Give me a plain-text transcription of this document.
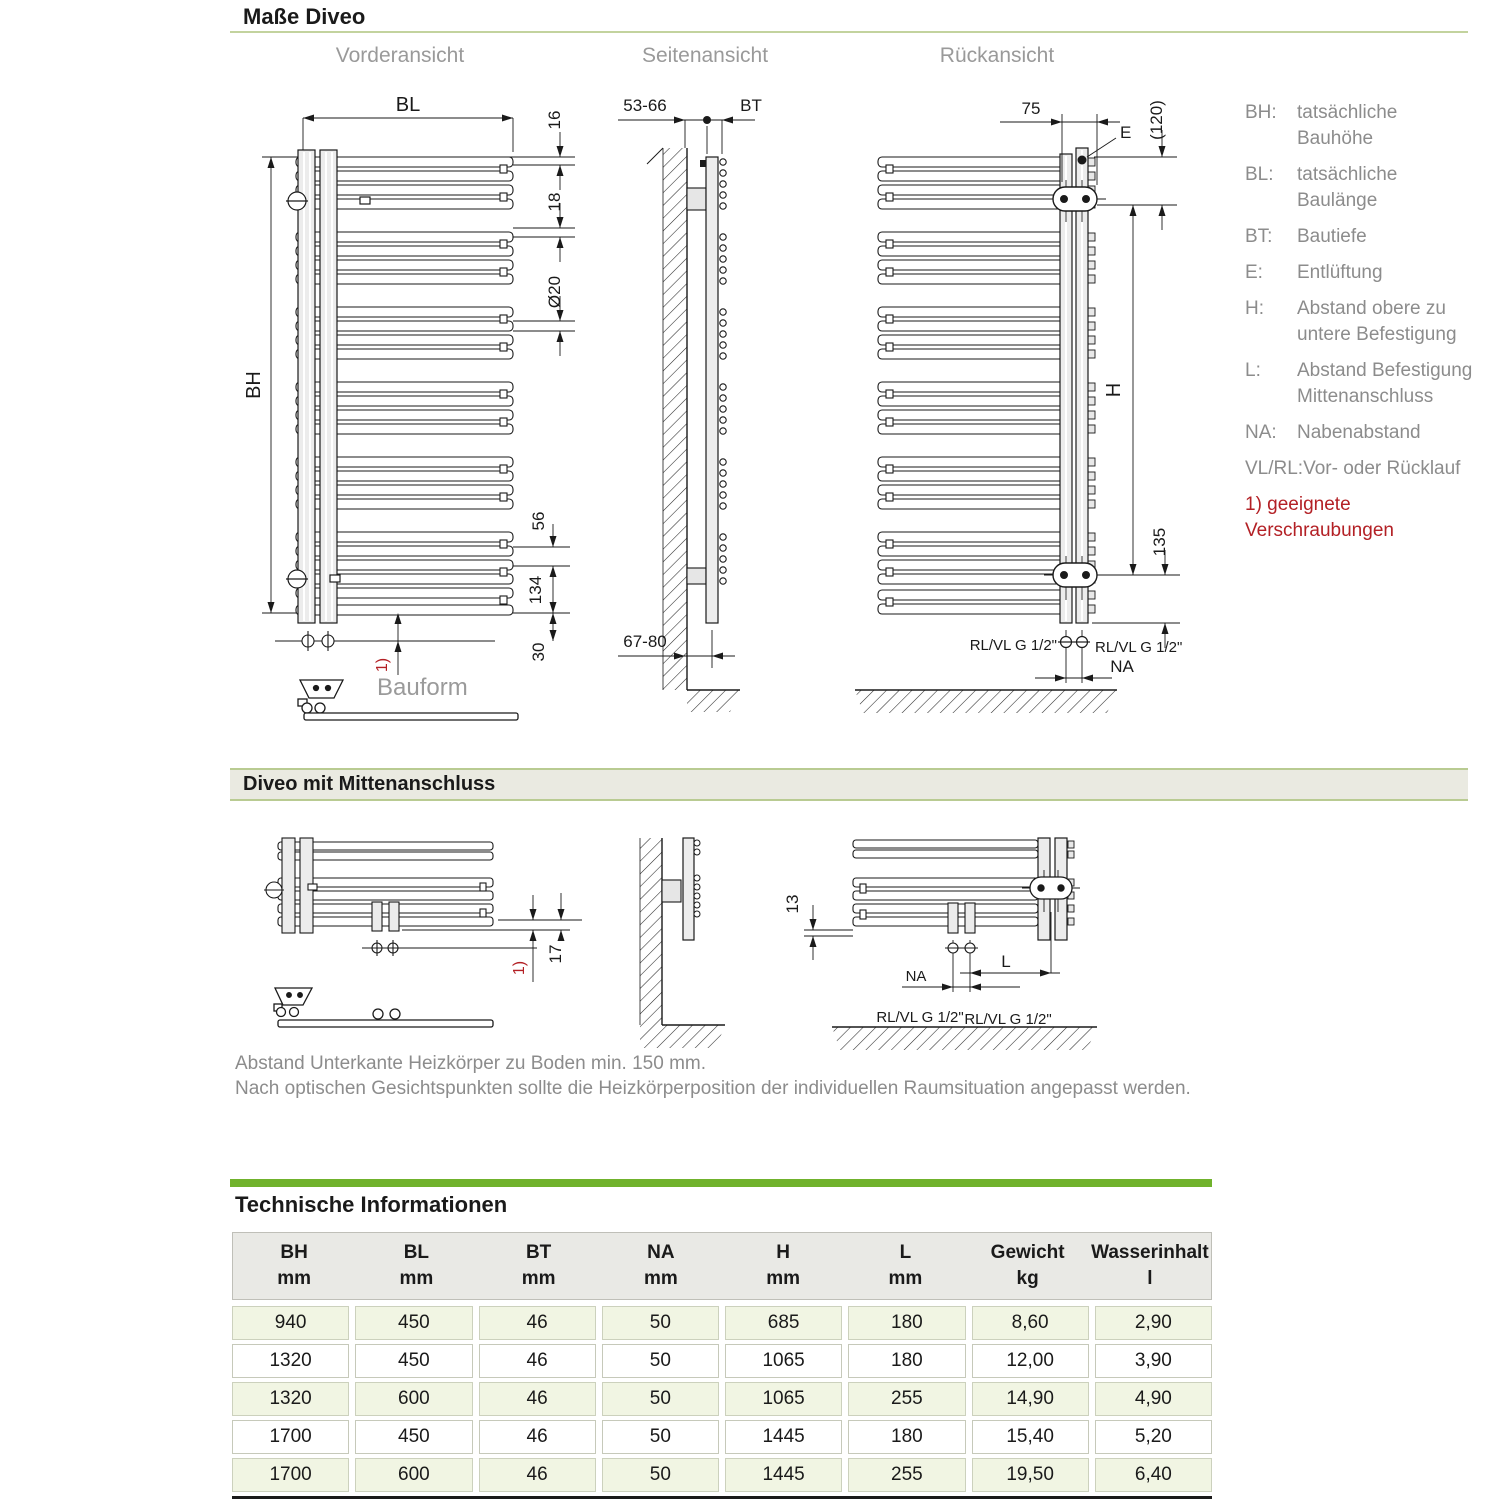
Maße Diveo
Vorderansicht	Seitenansicht	Rückansicht
BL
BH
16
18
Ø20
56
134
30
1)
Bauform
53-66	BT
67-80
75	(120)
E
H
135
RL/VL G 1/2"	RL/VL G 1/2"
NA
BH:	tatsächliche Bauhöhe
BL:	tatsächliche Baulänge
BT:	Bautiefe
E:	Entlüftung
H:	Abstand obere zu untere Befestigung
L:	Abstand Befestigung Mittenanschluss
NA:	Nabenabstand
VL/RL: Vor- oder Rücklauf
1) geeignete Verschraubungen
Diveo mit Mittenanschluss
17
1)
13
NA
L
RL/VL G 1/2" RL/VL G 1/2"
Abstand Unterkante Heizkörper zu Boden min. 150 mm.
Nach optischen Gesichtspunkten sollte die Heizkörperposition der individuellen Raumsituation angepasst werden.
Technische Informationen
BH
mm
BL
mm
BT
mm
NA
mm
H
mm
L
mm
Gewicht
kg
Wasserinhalt
l
940	450	46	50	685	180	8,60	2,90
1320	450	46	50	1065	180	12,00	3,90
1320	600	46	50	1065	255	14,90	4,90
1700	450	46	50	1445	180	15,40	5,20
1700	600	46	50	1445	255	19,50	6,40
